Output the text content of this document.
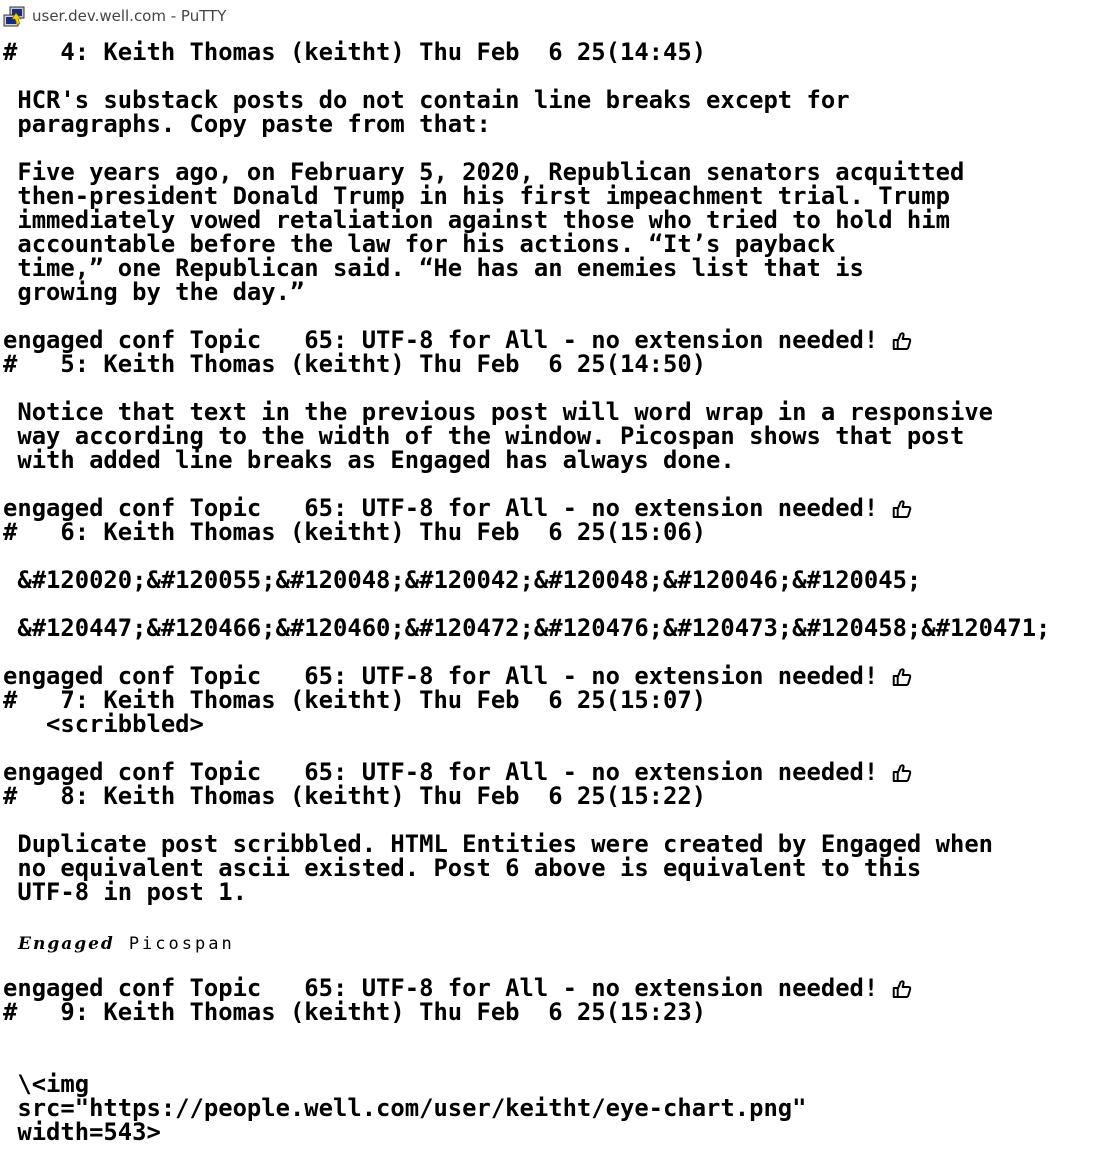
user.dev.well.com - PuTTY
#   4: Keith Thomas (keitht) Thu Feb  6 25(14:45)
HCR's substack posts do not contain line breaks except for
paragraphs. Copy paste from that:
Five years ago, on February 5, 2020, Republican senators acquitted
then-president Donald Trump in his first impeachment trial. Trump
immediately vowed retaliation against those who tried to hold him
accountable before the law for his actions. “It’s payback
time,” one Republican said. “He has an enemies list that is
growing by the day.”
engaged conf Topic   65: UTF-8 for All - no extension needed!
#   5: Keith Thomas (keitht) Thu Feb  6 25(14:50)
Notice that text in the previous post will word wrap in a responsive
way according to the width of the window. Picospan shows that post
with added line breaks as Engaged has always done.
engaged conf Topic   65: UTF-8 for All - no extension needed!
#   6: Keith Thomas (keitht) Thu Feb  6 25(15:06)
&#120020;&#120055;&#120048;&#120042;&#120048;&#120046;&#120045;
&#120447;&#120466;&#120460;&#120472;&#120476;&#120473;&#120458;&#120471;
engaged conf Topic   65: UTF-8 for All - no extension needed!
#   7: Keith Thomas (keitht) Thu Feb  6 25(15:07)
<scribbled>
engaged conf Topic   65: UTF-8 for All - no extension needed!
#   8: Keith Thomas (keitht) Thu Feb  6 25(15:22)
Duplicate post scribbled. HTML Entities were created by Engaged when
no equivalent ascii existed. Post 6 above is equivalent to this
UTF-8 in post 1.
Engaged Picospan
engaged conf Topic   65: UTF-8 for All - no extension needed!
#   9: Keith Thomas (keitht) Thu Feb  6 25(15:23)
\<img
src="https://people.well.com/user/keitht/eye-chart.png"
width=543>
